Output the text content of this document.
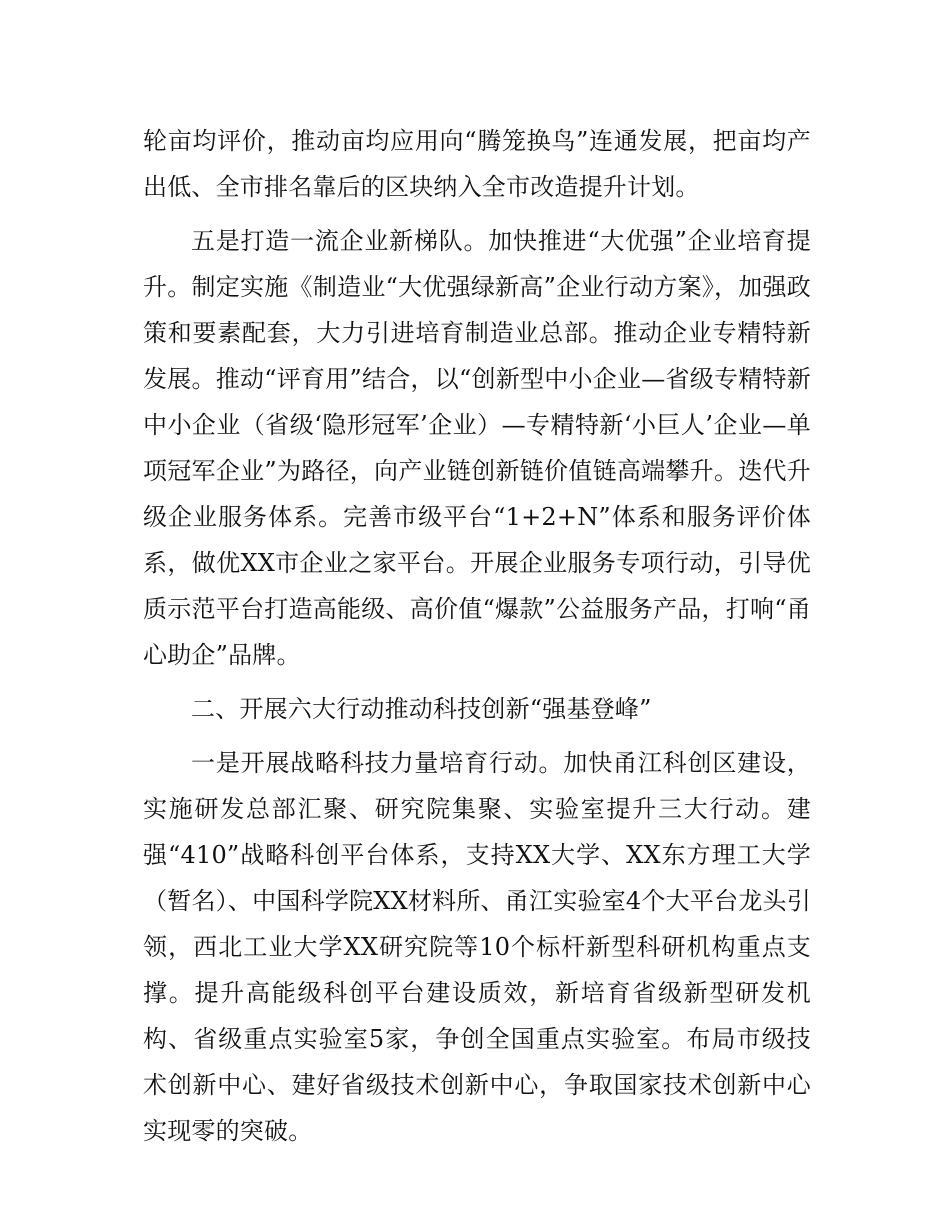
轮亩均评价，推动亩均应用向“腾笼换鸟”连通发展，把亩均产出低、全市排名靠后的区块纳入全市改造提升计划。

五是打造一流企业新梯队。加快推进“大优强”企业培育提升。制定实施《制造业“大优强绿新高”企业行动方案》，加强政策和要素配套，大力引进培育制造业总部。推动企业专精特新发展。推动“评育用”结合，以“创新型中小企业—省级专精特新中小企业（省级‘隐形冠军’企业）—专精特新‘小巨人’企业—单项冠军企业”为路径，向产业链创新链价值链高端攀升。迭代升级企业服务体系。完善市级平台“1+2+N”体系和服务评价体系，做优XX市企业之家平台。开展企业服务专项行动，引导优质示范平台打造高能级、高价值“爆款”公益服务产品，打响“甬心助企”品牌。

二、开展六大行动推动科技创新“强基登峰”

一是开展战略科技力量培育行动。加快甬江科创区建设，实施研发总部汇聚、研究院集聚、实验室提升三大行动。建强“410”战略科创平台体系，支持XX大学、XX东方理工大学（暂名）、中国科学院XX材料所、甬江实验室4个大平台龙头引领，西北工业大学XX研究院等10个标杆新型科研机构重点支撑。提升高能级科创平台建设质效，新培育省级新型研发机构、省级重点实验室5家，争创全国重点实验室。布局市级技术创新中心、建好省级技术创新中心，争取国家技术创新中心实现零的突破。
